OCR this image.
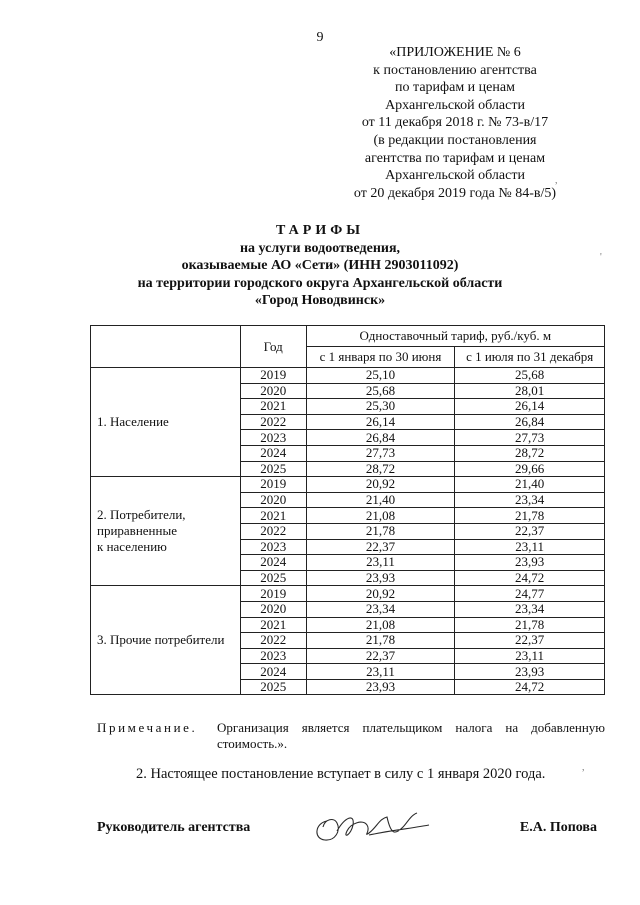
9
«ПРИЛОЖЕНИЕ № 6
к постановлению агентства
по тарифам и ценам
Архангельской области
от 11 декабря 2018 г. № 73-в/17
(в редакции постановления
агентства по тарифам и ценам
Архангельской области
от 20 декабря 2019 года № 84-в/5)
ТАРИФЫ
на услуги водоотведения,
оказываемые АО «Сети» (ИНН 2903011092)
на территории городского округа Архангельской области
«Город Новодвинск»
	Год	Одноставочный тариф, руб./куб. м	
		с 1 января по 30 июня	с 1 июля по 31 декабря

1. Население	2019	25,10	25,68
	2020	25,68	28,01
	2021	25,30	26,14
	2022	26,14	26,84
	2023	26,84	27,73
	2024	27,73	28,72
	2025	28,72	29,66

2. Потребители,
приравненные
к населению	2019	20,92	21,40
	2020	21,40	23,34
	2021	21,08	21,78
	2022	21,78	22,37
	2023	22,37	23,11
	2024	23,11	23,93
	2025	23,93	24,72

3. Прочие потребители	2019	20,92	24,77
	2020	23,34	23,34
	2021	21,08	21,78
	2022	21,78	22,37
	2023	22,37	23,11
	2024	23,11	23,93
	2025	23,93	24,72
Примечание. Организация является плательщиком налога на добавленную стоимость.».
2. Настоящее постановление вступает в силу с 1 января 2020 года.
Руководитель агентства	Е.А. Попова
,
'
,
